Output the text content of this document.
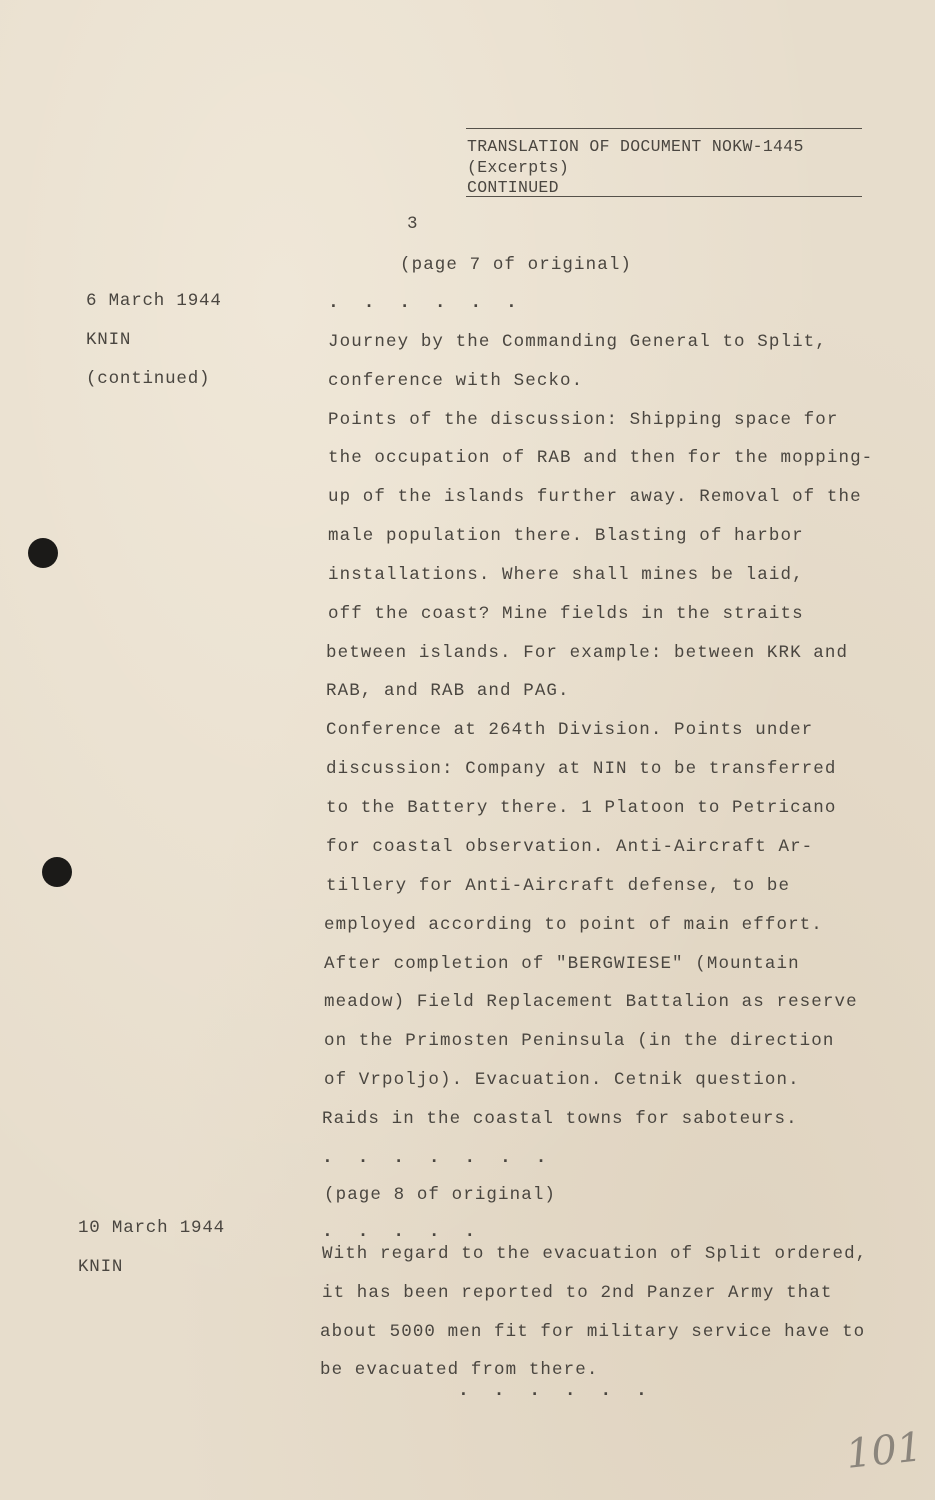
TRANSLATION OF DOCUMENT NOKW-1445
(Excerpts)
CONTINUED
3
(page 7 of original)
6 March 1944
KNIN
(continued)
. . . . . .
Journey by the Commanding General to Split,
conference with Secko.
Points of the discussion: Shipping space for
the occupation of RAB and then for the mopping-
up of the islands further away. Removal of the
male population there. Blasting of harbor
installations. Where shall mines be laid,
off the coast? Mine fields in the straits
between islands. For example: between KRK and
RAB, and RAB and PAG.
Conference at 264th Division. Points under
discussion: Company at NIN to be transferred
to the Battery there. 1 Platoon to Petricano
for coastal observation. Anti-Aircraft Ar-
tillery for Anti-Aircraft defense, to be
employed according to point of main effort.
After completion of "BERGWIESE" (Mountain
meadow) Field Replacement Battalion as reserve
on the Primosten Peninsula (in the direction
of Vrpoljo). Evacuation. Cetnik question.
Raids in the coastal towns for saboteurs.
. . . . . . .
(page 8 of original)
10 March 1944
KNIN
. . . . .
With regard to the evacuation of Split ordered,
it has been reported to 2nd Panzer Army that
about 5000 men fit for military service have to
be evacuated from there.
. . . . . .
101
